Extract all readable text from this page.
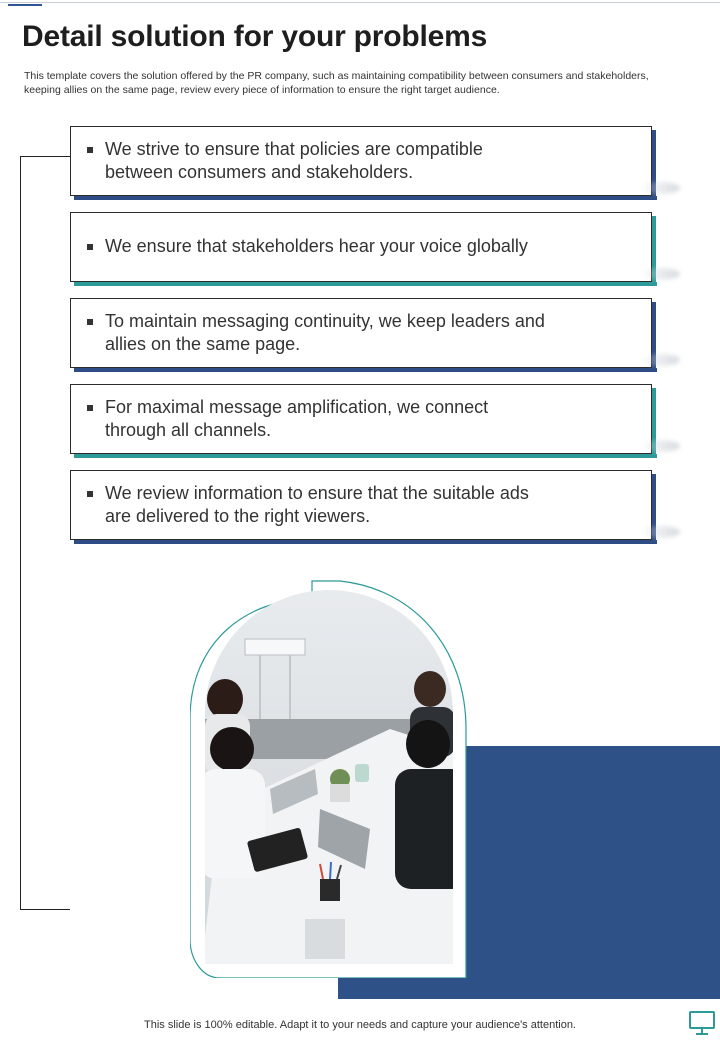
Detail solution for your problems
This template covers the solution offered by the PR company, such as maintaining compatibility between consumers and stakeholders, keeping allies on the same page, review every piece of information to ensure the right target audience.
We strive to ensure that policies are compatible
between consumers and stakeholders.
We ensure that stakeholders hear your voice globally
To maintain messaging continuity, we keep leaders and
allies on the same page.
For maximal message amplification, we connect
through all channels.
We review information to ensure that the suitable ads
are delivered to the right viewers.
This slide is 100% editable. Adapt it to your needs and capture your audience's attention.
